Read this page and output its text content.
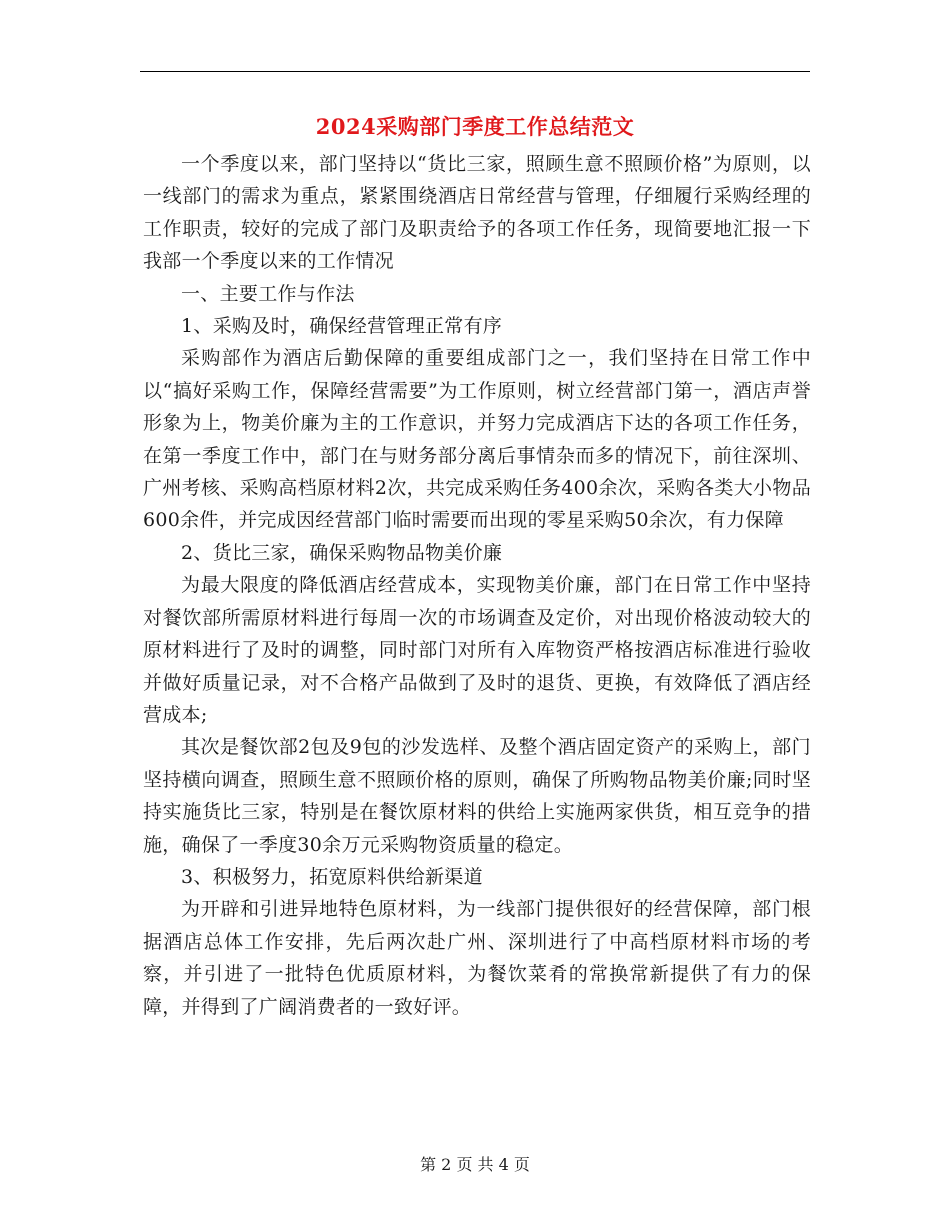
2024采购部门季度工作总结范文

一个季度以来，部门坚持以“货比三家，照顾生意不照顾价格”为原则，以一线部门的需求为重点，紧紧围绕酒店日常经营与管理，仔细履行采购经理的工作职责，较好的完成了部门及职责给予的各项工作任务，现简要地汇报一下我部一个季度以来的工作情况

一、主要工作与作法

1、采购及时，确保经营管理正常有序

采购部作为酒店后勤保障的重要组成部门之一，我们坚持在日常工作中以“搞好采购工作，保障经营需要”为工作原则，树立经营部门第一，酒店声誉形象为上，物美价廉为主的工作意识，并努力完成酒店下达的各项工作任务，在第一季度工作中，部门在与财务部分离后事情杂而多的情况下，前往深圳、广州考核、采购高档原材料2次，共完成采购任务400余次，采购各类大小物品600余件，并完成因经营部门临时需要而出现的零星采购50余次，有力保障

2、货比三家，确保采购物品物美价廉

为最大限度的降低酒店经营成本，实现物美价廉，部门在日常工作中坚持对餐饮部所需原材料进行每周一次的市场调查及定价，对出现价格波动较大的原材料进行了及时的调整，同时部门对所有入库物资严格按酒店标准进行验收并做好质量记录，对不合格产品做到了及时的退货、更换，有效降低了酒店经营成本;

其次是餐饮部2包及9包的沙发选样、及整个酒店固定资产的采购上，部门坚持横向调查，照顾生意不照顾价格的原则，确保了所购物品物美价廉;同时坚持实施货比三家，特别是在餐饮原材料的供给上实施两家供货，相互竞争的措施，确保了一季度30余万元采购物资质量的稳定。

3、积极努力，拓宽原料供给新渠道

为开辟和引进异地特色原材料，为一线部门提供很好的经营保障，部门根据酒店总体工作安排，先后两次赴广州、深圳进行了中高档原材料市场的考察，并引进了一批特色优质原材料，为餐饮菜肴的常换常新提供了有力的保障，并得到了广阔消费者的一致好评。

第 2 页 共 4 页
